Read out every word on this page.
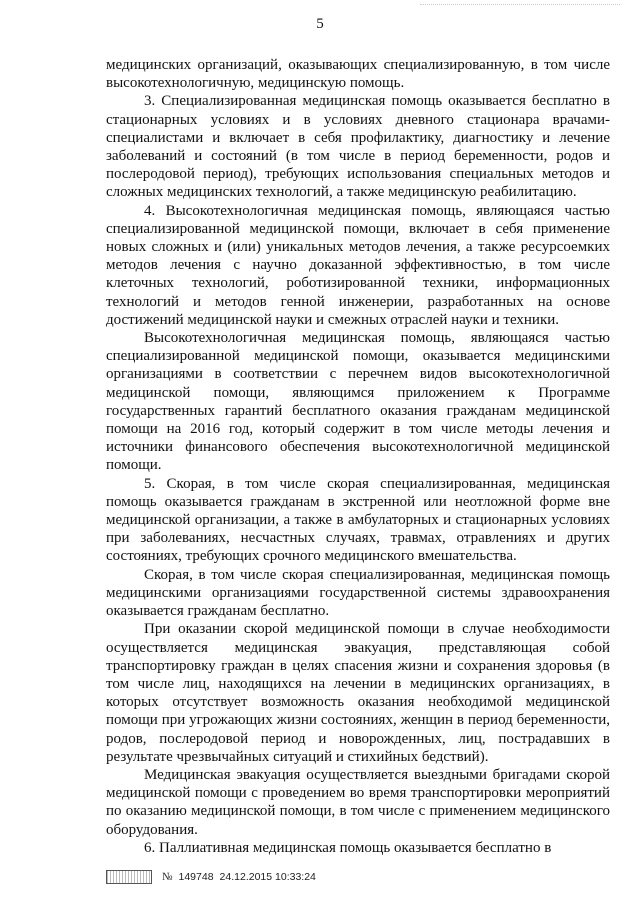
5

медицинских организаций, оказывающих специализированную, в том числе высокотехнологичную, медицинскую помощь.

3. Специализированная медицинская помощь оказывается бесплатно в стационарных условиях и в условиях дневного стационара врачами-специалистами и включает в себя профилактику, диагностику и лечение заболеваний и состояний (в том числе в период беременности, родов и послеродовой период), требующих использования специальных методов и сложных медицинских технологий, а также медицинскую реабилитацию.

4. Высокотехнологичная медицинская помощь, являющаяся частью специализированной медицинской помощи, включает в себя применение новых сложных и (или) уникальных методов лечения, а также ресурсоемких методов лечения с научно доказанной эффективностью, в том числе клеточных технологий, роботизированной техники, информационных технологий и методов генной инженерии, разработанных на основе достижений медицинской науки и смежных отраслей науки и техники.

Высокотехнологичная медицинская помощь, являющаяся частью специализированной медицинской помощи, оказывается медицинскими организациями в соответствии с перечнем видов высокотехнологичной медицинской помощи, являющимся приложением к Программе государственных гарантий бесплатного оказания гражданам медицинской помощи на 2016 год, который содержит в том числе методы лечения и источники финансового обеспечения высокотехнологичной медицинской помощи.

5. Скорая, в том числе скорая специализированная, медицинская помощь оказывается гражданам в экстренной или неотложной форме вне медицинской организации, а также в амбулаторных и стационарных условиях при заболеваниях, несчастных случаях, травмах, отравлениях и других состояниях, требующих срочного медицинского вмешательства.

Скорая, в том числе скорая специализированная, медицинская помощь медицинскими организациями государственной системы здравоохранения оказывается гражданам бесплатно.

При оказании скорой медицинской помощи в случае необходимости осуществляется медицинская эвакуация, представляющая собой транспортировку граждан в целях спасения жизни и сохранения здоровья (в том числе лиц, находящихся на лечении в медицинских организациях, в которых отсутствует возможность оказания необходимой медицинской помощи при угрожающих жизни состояниях, женщин в период беременности, родов, послеродовой период и новорожденных, лиц, пострадавших в результате чрезвычайных ситуаций и стихийных бедствий).

Медицинская эвакуация осуществляется выездными бригадами скорой медицинской помощи с проведением во время транспортировки мероприятий по оказанию медицинской помощи, в том числе с применением медицинского оборудования.

6. Паллиативная медицинская помощь оказывается бесплатно в

№ 149748 24.12.2015 10:33:24
